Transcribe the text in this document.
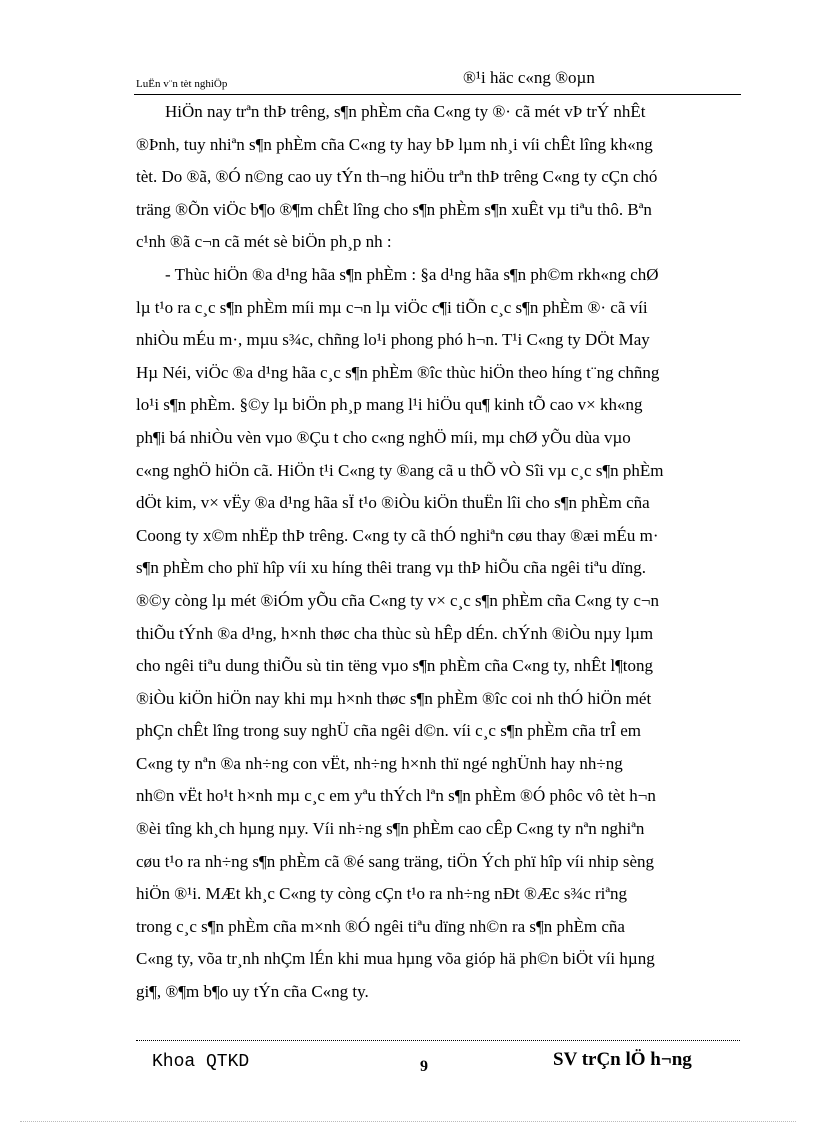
LuËn v¨n tèt nghiÖp	®¹i häc c«ng ®oµn
HiÖn nay trªn thÞ trêng, s¶n phÈm cña C«ng ty ®· cã mét vÞ trÝ nhÊt
®Þnh, tuy nhiªn s¶n phÈm cña C«ng ty hay bÞ lµm nh¸i víi chÊt lîng kh«ng
tèt. Do ®ã, ®Ó n©ng cao uy tÝn th¬ng hiÖu trªn thÞ trêng C«ng ty cÇn chó
träng ®Õn viÖc b¶o ®¶m chÊt lîng cho s¶n phÈm s¶n xuÊt vµ tiªu thô. Bªn
c¹nh ®ã c¬n cã mét sè biÖn ph¸p nh :
- Thùc hiÖn ®a d¹ng hãa s¶n phÈm : §a d¹ng hãa s¶n ph©m rkh«ng chØ
lµ t¹o ra c¸c s¶n phÈm míi mµ c¬n lµ viÖc c¶i tiÕn c¸c s¶n phÈm ®· cã víi
nhiÒu mÉu m·, mµu s¾c, chñng lo¹i phong phó h¬n. T¹i C«ng ty DÖt May
Hµ Néi, viÖc ®a d¹ng hãa c¸c s¶n phÈm ®îc thùc hiÖn theo híng t¨ng chñng
lo¹i s¶n phÈm. §©y lµ biÖn ph¸p mang l¹i hiÖu qu¶ kinh tÕ cao v× kh«ng
ph¶i bá nhiÒu vèn vµo ®Çu t cho c«ng nghÖ míi, mµ chØ yÕu dùa vµo
c«ng nghÖ hiÖn cã. HiÖn t¹i C«ng ty ®ang cã u thÕ vÒ Sîi vµ c¸c s¶n phÈm
dÖt kim, v× vËy ®a d¹ng hãa sÏ t¹o ®iÒu kiÖn thuËn lîi cho s¶n phÈm cña
Coong ty x©m nhËp thÞ trêng. C«ng ty cã thÓ nghiªn cøu thay ®æi mÉu m·
s¶n phÈm cho phï hîp víi xu híng thêi trang vµ thÞ hiÕu cña ngêi tiªu dïng.
®©y còng lµ mét ®iÓm yÕu cña C«ng ty v× c¸c s¶n phÈm cña C«ng ty c¬n
thiÕu tÝnh ®a d¹ng, h×nh thøc cha thùc sù hÊp dÉn. chÝnh ®iÒu nµy lµm
cho ngêi tiªu dung thiÕu sù tin tëng vµo s¶n phÈm cña C«ng ty, nhÊt l¶tong
®iÒu kiÖn hiÖn nay khi mµ h×nh thøc s¶n phÈm ®îc coi nh thÓ hiÖn mét
phÇn chÊt lîng trong suy nghÜ cña ngêi d©n. víi c¸c s¶n phÈm cña trÎ em
C«ng ty nªn ®a nh÷ng con vËt, nh÷ng h×nh thï ngé nghÜnh hay nh÷ng
nh©n vËt ho¹t h×nh mµ c¸c em yªu thÝch lªn s¶n phÈm ®Ó phôc vô tèt h¬n
®èi tîng kh¸ch hµng nµy. Víi nh÷ng s¶n phÈm cao cÊp C«ng ty nªn nghiªn
cøu t¹o ra nh÷ng s¶n phÈm cã ®é sang träng, tiÖn Ých phï hîp víi nhip sèng
hiÖn ®¹i. MÆt kh¸c C«ng ty còng cÇn t¹o ra nh÷ng nÐt ®Æc s¾c riªng
trong c¸c s¶n phÈm cña m×nh ®Ó ngêi tiªu dïng nh©n ra s¶n phÈm cña
C«ng ty, võa tr¸nh nhÇm lÉn khi mua hµng võa gióp hä ph©n biÖt víi hµng
gi¶, ®¶m b¶o uy tÝn cña C«ng ty.
Khoa QTKD	9	SV trÇn lÖ h¬ng
